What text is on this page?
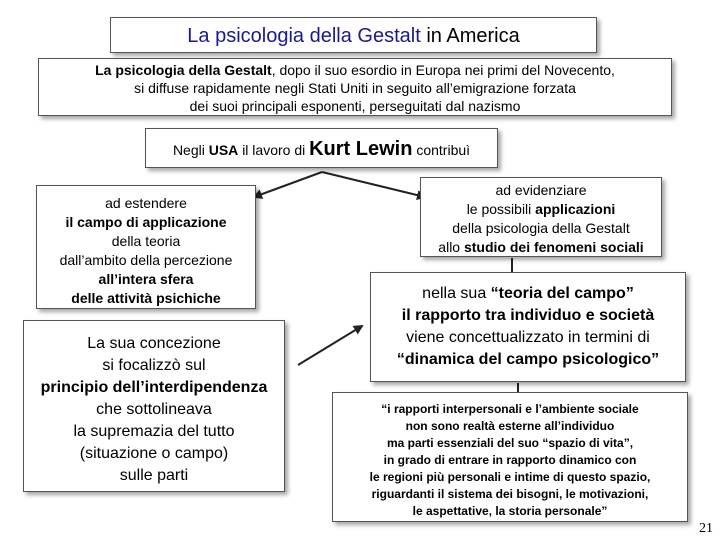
La psicologia della Gestalt in America

La psicologia della Gestalt, dopo il suo esordio in Europa nei primi del Novecento,

si diffuse rapidamente negli Stati Uniti in seguito all’emigrazione forzata

dei suoi principali esponenti, perseguitati dal nazismo

Negli USA il lavoro di Kurt Lewin contribuì

ad estendere

il campo di applicazione

della teoria

dall’ambito della percezione

all’intera sfera

delle attività psichiche

La sua concezione

si focalizzò sul

principio dell’interdipendenza

che sottolineava

la supremazia del tutto

(situazione o campo)

sulle parti

ad evidenziare

le possibili applicazioni

della psicologia della Gestalt

allo studio dei fenomeni sociali

nella sua “teoria del campo”

il rapporto tra individuo e società

viene concettualizzato in termini di

“dinamica del campo psicologico”

“i rapporti interpersonali e l’ambiente sociale

non sono realtà esterne all’individuo

ma parti essenziali del suo “spazio di vita”,

in grado di entrare in rapporto dinamico con

le regioni più personali e intime di questo spazio,

riguardanti il sistema dei bisogni, le motivazioni,

le aspettative, la storia personale”

21
